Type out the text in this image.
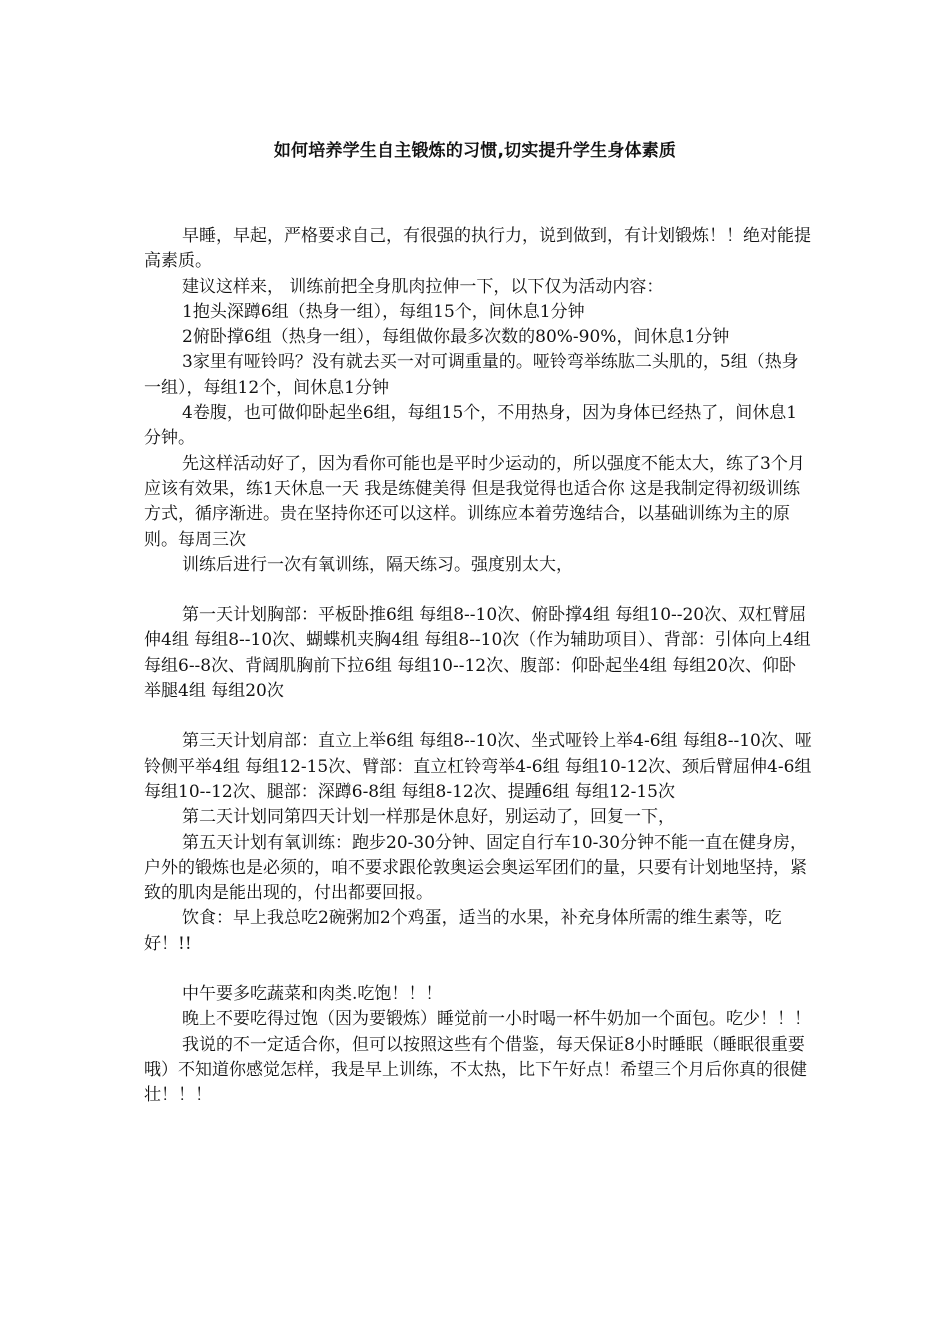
如何培养学生自主锻炼的习惯,切实提升学生身体素质

早睡，早起，严格要求自己，有很强的执行力，说到做到，有计划锻炼！！绝对能提高素质。

建议这样来， 训练前把全身肌肉拉伸一下，以下仅为活动内容：

1抱头深蹲6组（热身一组），每组15个，间休息1分钟

2俯卧撑6组（热身一组），每组做你最多次数的80%-90%，间休息1分钟

3家里有哑铃吗？没有就去买一对可调重量的。哑铃弯举练肱二头肌的，5组（热身一组），每组12个，间休息1分钟

4卷腹，也可做仰卧起坐6组，每组15个，不用热身，因为身体已经热了，间休息1分钟。

先这样活动好了，因为看你可能也是平时少运动的，所以强度不能太大，练了3个月应该有效果，练1天休息一天 我是练健美得 但是我觉得也适合你 这是我制定得初级训练方式，循序渐进。贵在坚持你还可以这样。训练应本着劳逸结合，以基础训练为主的原则。每周三次

训练后进行一次有氧训练，隔天练习。强度别太大，

第一天计划胸部：平板卧推6组 每组8--10次、俯卧撑4组 每组10--20次、双杠臂屈伸4组 每组8--10次、蝴蝶机夹胸4组 每组8--10次（作为辅助项目）、背部：引体向上4组 每组6--8次、背阔肌胸前下拉6组 每组10--12次、腹部：仰卧起坐4组 每组20次、仰卧举腿4组 每组20次

第三天计划肩部：直立上举6组 每组8--10次、坐式哑铃上举4-6组 每组8--10次、哑铃侧平举4组 每组12-15次、臂部：直立杠铃弯举4-6组 每组10-12次、颈后臂屈伸4-6组 每组10--12次、腿部：深蹲6-8组 每组8-12次、提踵6组 每组12-15次

第二天计划同第四天计划一样那是休息好，别运动了，回复一下，

第五天计划有氧训练：跑步20-30分钟、固定自行车10-30分钟不能一直在健身房，户外的锻炼也是必须的，咱不要求跟伦敦奥运会奥运军团们的量，只要有计划地坚持，紧致的肌肉是能出现的，付出都要回报。

饮食：早上我总吃2碗粥加2个鸡蛋，适当的水果，补充身体所需的维生素等，吃好！!!

中午要多吃蔬菜和肉类.吃饱！！！

晚上不要吃得过饱（因为要锻炼）睡觉前一小时喝一杯牛奶加一个面包。吃少！！！

我说的不一定适合你，但可以按照这些有个借鉴，每天保证8小时睡眠（睡眠很重要哦）不知道你感觉怎样，我是早上训练，不太热，比下午好点！希望三个月后你真的很健壮！！！
